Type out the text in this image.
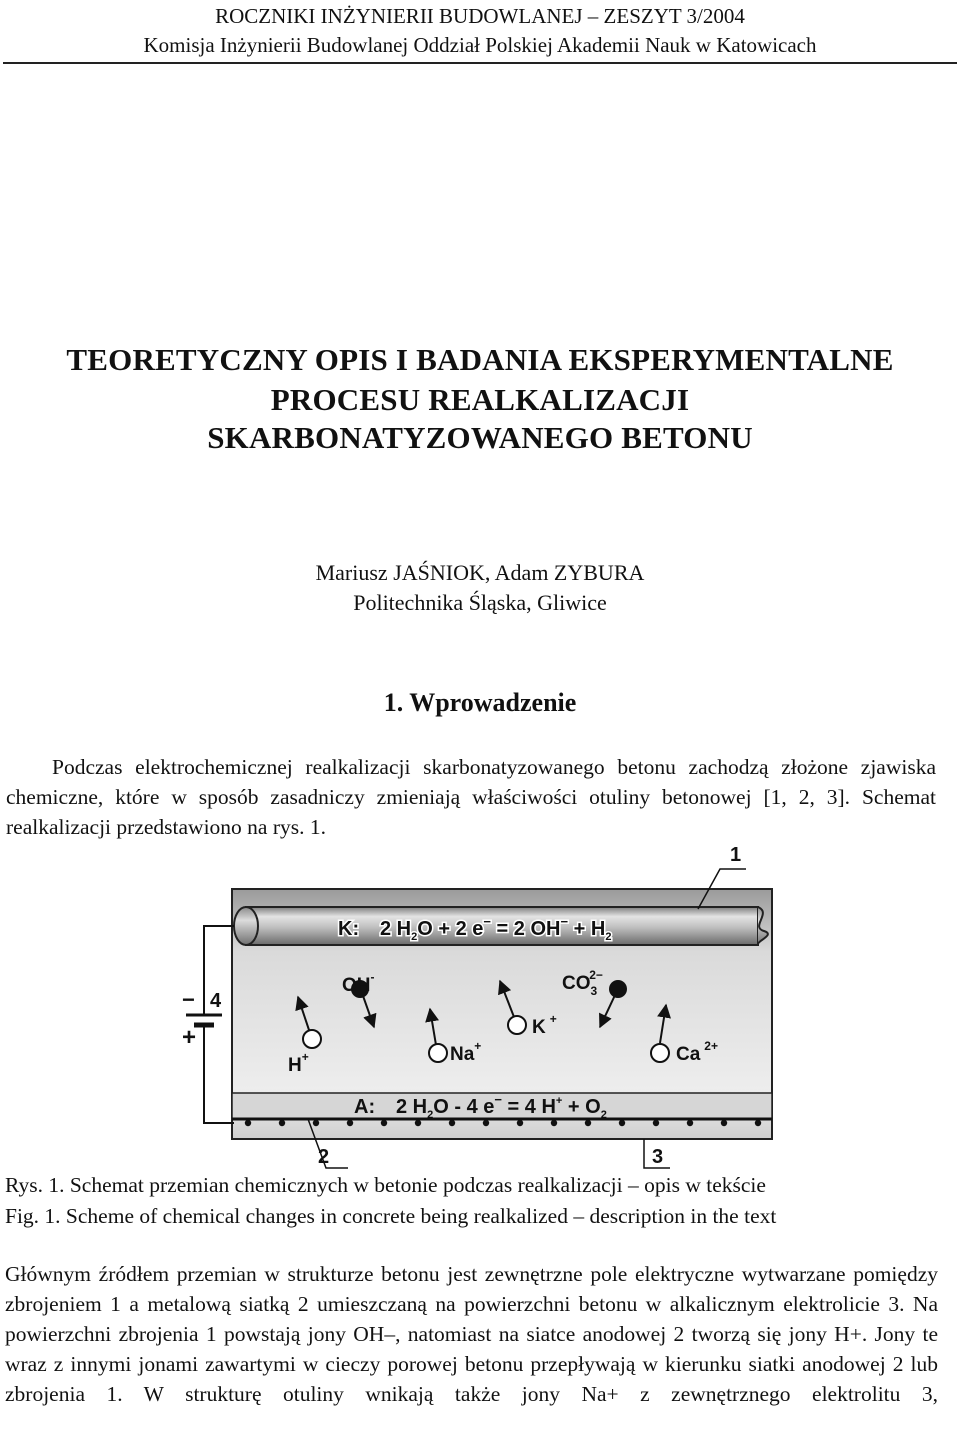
ROCZNIKI INŻYNIERII BUDOWLANEJ – ZESZYT 3/2004
Komisja Inżynierii Budowlanej Oddział Polskiej Akademii Nauk w Katowicach
TEORETYCZNY OPIS I BADANIA EKSPERYMENTALNE
PROCESU REALKALIZACJI
SKARBONATYZOWANEGO BETONU
Mariusz JAŚNIOK, Adam ZYBURA
Politechnika Śląska, Gliwice
1. Wprowadzenie
Podczas elektrochemicznej realkalizacji skarbonatyzowanego betonu zachodzą złożone zjawiska chemiczne, które w sposób zasadniczy zmieniają właściwości otuliny betonowej [1, 2, 3]. Schemat realkalizacji przedstawiono na rys. 1.
K: 2 $H_2O + 2$ e− = 2 $OH^- + H_2$
A: 2 $H_2O - 4$ e− = 4 $H^+ + O_2$
−
+
4
1
2	3
OH-	$CO_32-$
H+	Na+
K +
Ca $^{2+}$
Rys. 1. Schemat przemian chemicznych w betonie podczas realkalizacji – opis w tekście
Fig. 1. Scheme of chemical changes in concrete being realkalized – description in the text
Głównym źródłem przemian w strukturze betonu jest zewnętrzne pole elektryczne wytwarzane pomiędzy zbrojeniem 1 a metalową siatką 2 umieszczaną na powierzchni betonu w alkalicznym elektrolicie 3. Na powierzchni zbrojenia 1 powstają jony OH–, natomiast na siatce anodowej 2 tworzą się jony H+. Jony te wraz z innymi jonami zawartymi w cieczy porowej betonu przepływają w kierunku siatki anodowej 2 lub zbrojenia 1. W strukturę otuliny wnikają także jony Na+ z zewnętrznego elektrolitu 3,
